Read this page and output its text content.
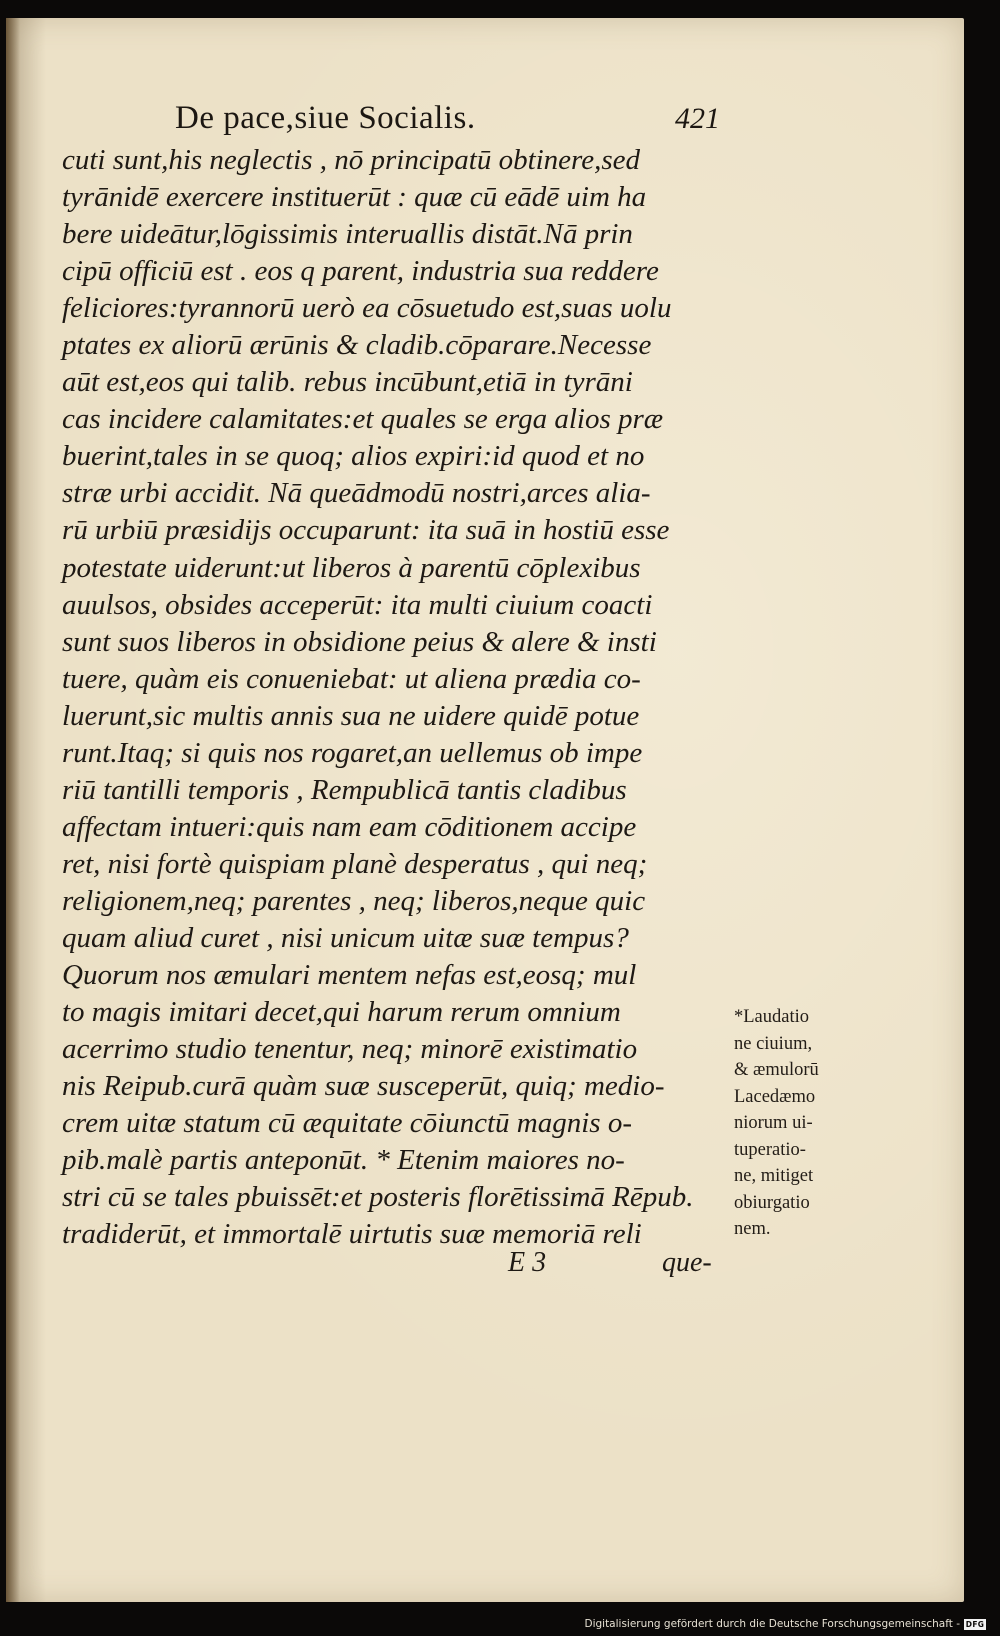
De pace,siue Socialis.	421
cuti sunt,his neglectis , nō principatū obtinere,sed
tyrānidē exercere instituerūt : quæ cū eādē uim ha
bere uideātur,lōgissimis interuallis distāt.Nā prin
cipū officiū est . eos q parent, industria sua reddere
feliciores:tyrannorū uerò ea cōsuetudo est,suas uolu
ptates ex aliorū ærūnis & cladib.cōparare.Necesse
aūt est,eos qui talib. rebus incūbunt,etiā in tyrāni
cas incidere calamitates:et quales se erga alios præ
buerint,tales in se quoq; alios expiri:id quod et no
stræ urbi accidit. Nā queādmodū nostri,arces alia-
rū urbiū præsidijs occuparunt: ita suā in hostiū esse
potestate uiderunt:ut liberos à parentū cōplexibus
auulsos, obsides acceperūt: ita multi ciuium coacti
sunt suos liberos in obsidione peius & alere & insti
tuere, quàm eis conueniebat: ut aliena prædia co-
luerunt,sic multis annis sua ne uidere quidē potue
runt.Itaq; si quis nos rogaret,an uellemus ob impe
riū tantilli temporis , Rempublicā tantis cladibus
affectam intueri:quis nam eam cōditionem accipe
ret, nisi fortè quispiam planè desperatus , qui neq;
religionem,neq; parentes , neq; liberos,neque quic
quam aliud curet , nisi unicum uitæ suæ tempus?
Quorum nos æmulari mentem nefas est,eosq; mul
to magis imitari decet,qui harum rerum omnium
acerrimo studio tenentur, neq; minorē existimatio
nis Reipub.curā quàm suæ susceperūt, quiq; medio-
crem uitæ statum cū æquitate cōiunctū magnis o-
pib.malè partis anteponūt. * Etenim maiores no-
stri cū se tales pbuissēt:et posteris florētissimā Rēpub.
tradiderūt, et immortalē uirtutis suæ memoriā reli
*Laudatio
ne ciuium,
& æmulorū
Lacedæmo
niorum ui-
tuperatio-
ne, mitiget
obiurgatio
nem.
E 3	que-
Digitalisierung gefördert durch die Deutsche Forschungsgemeinschaft - DFG
